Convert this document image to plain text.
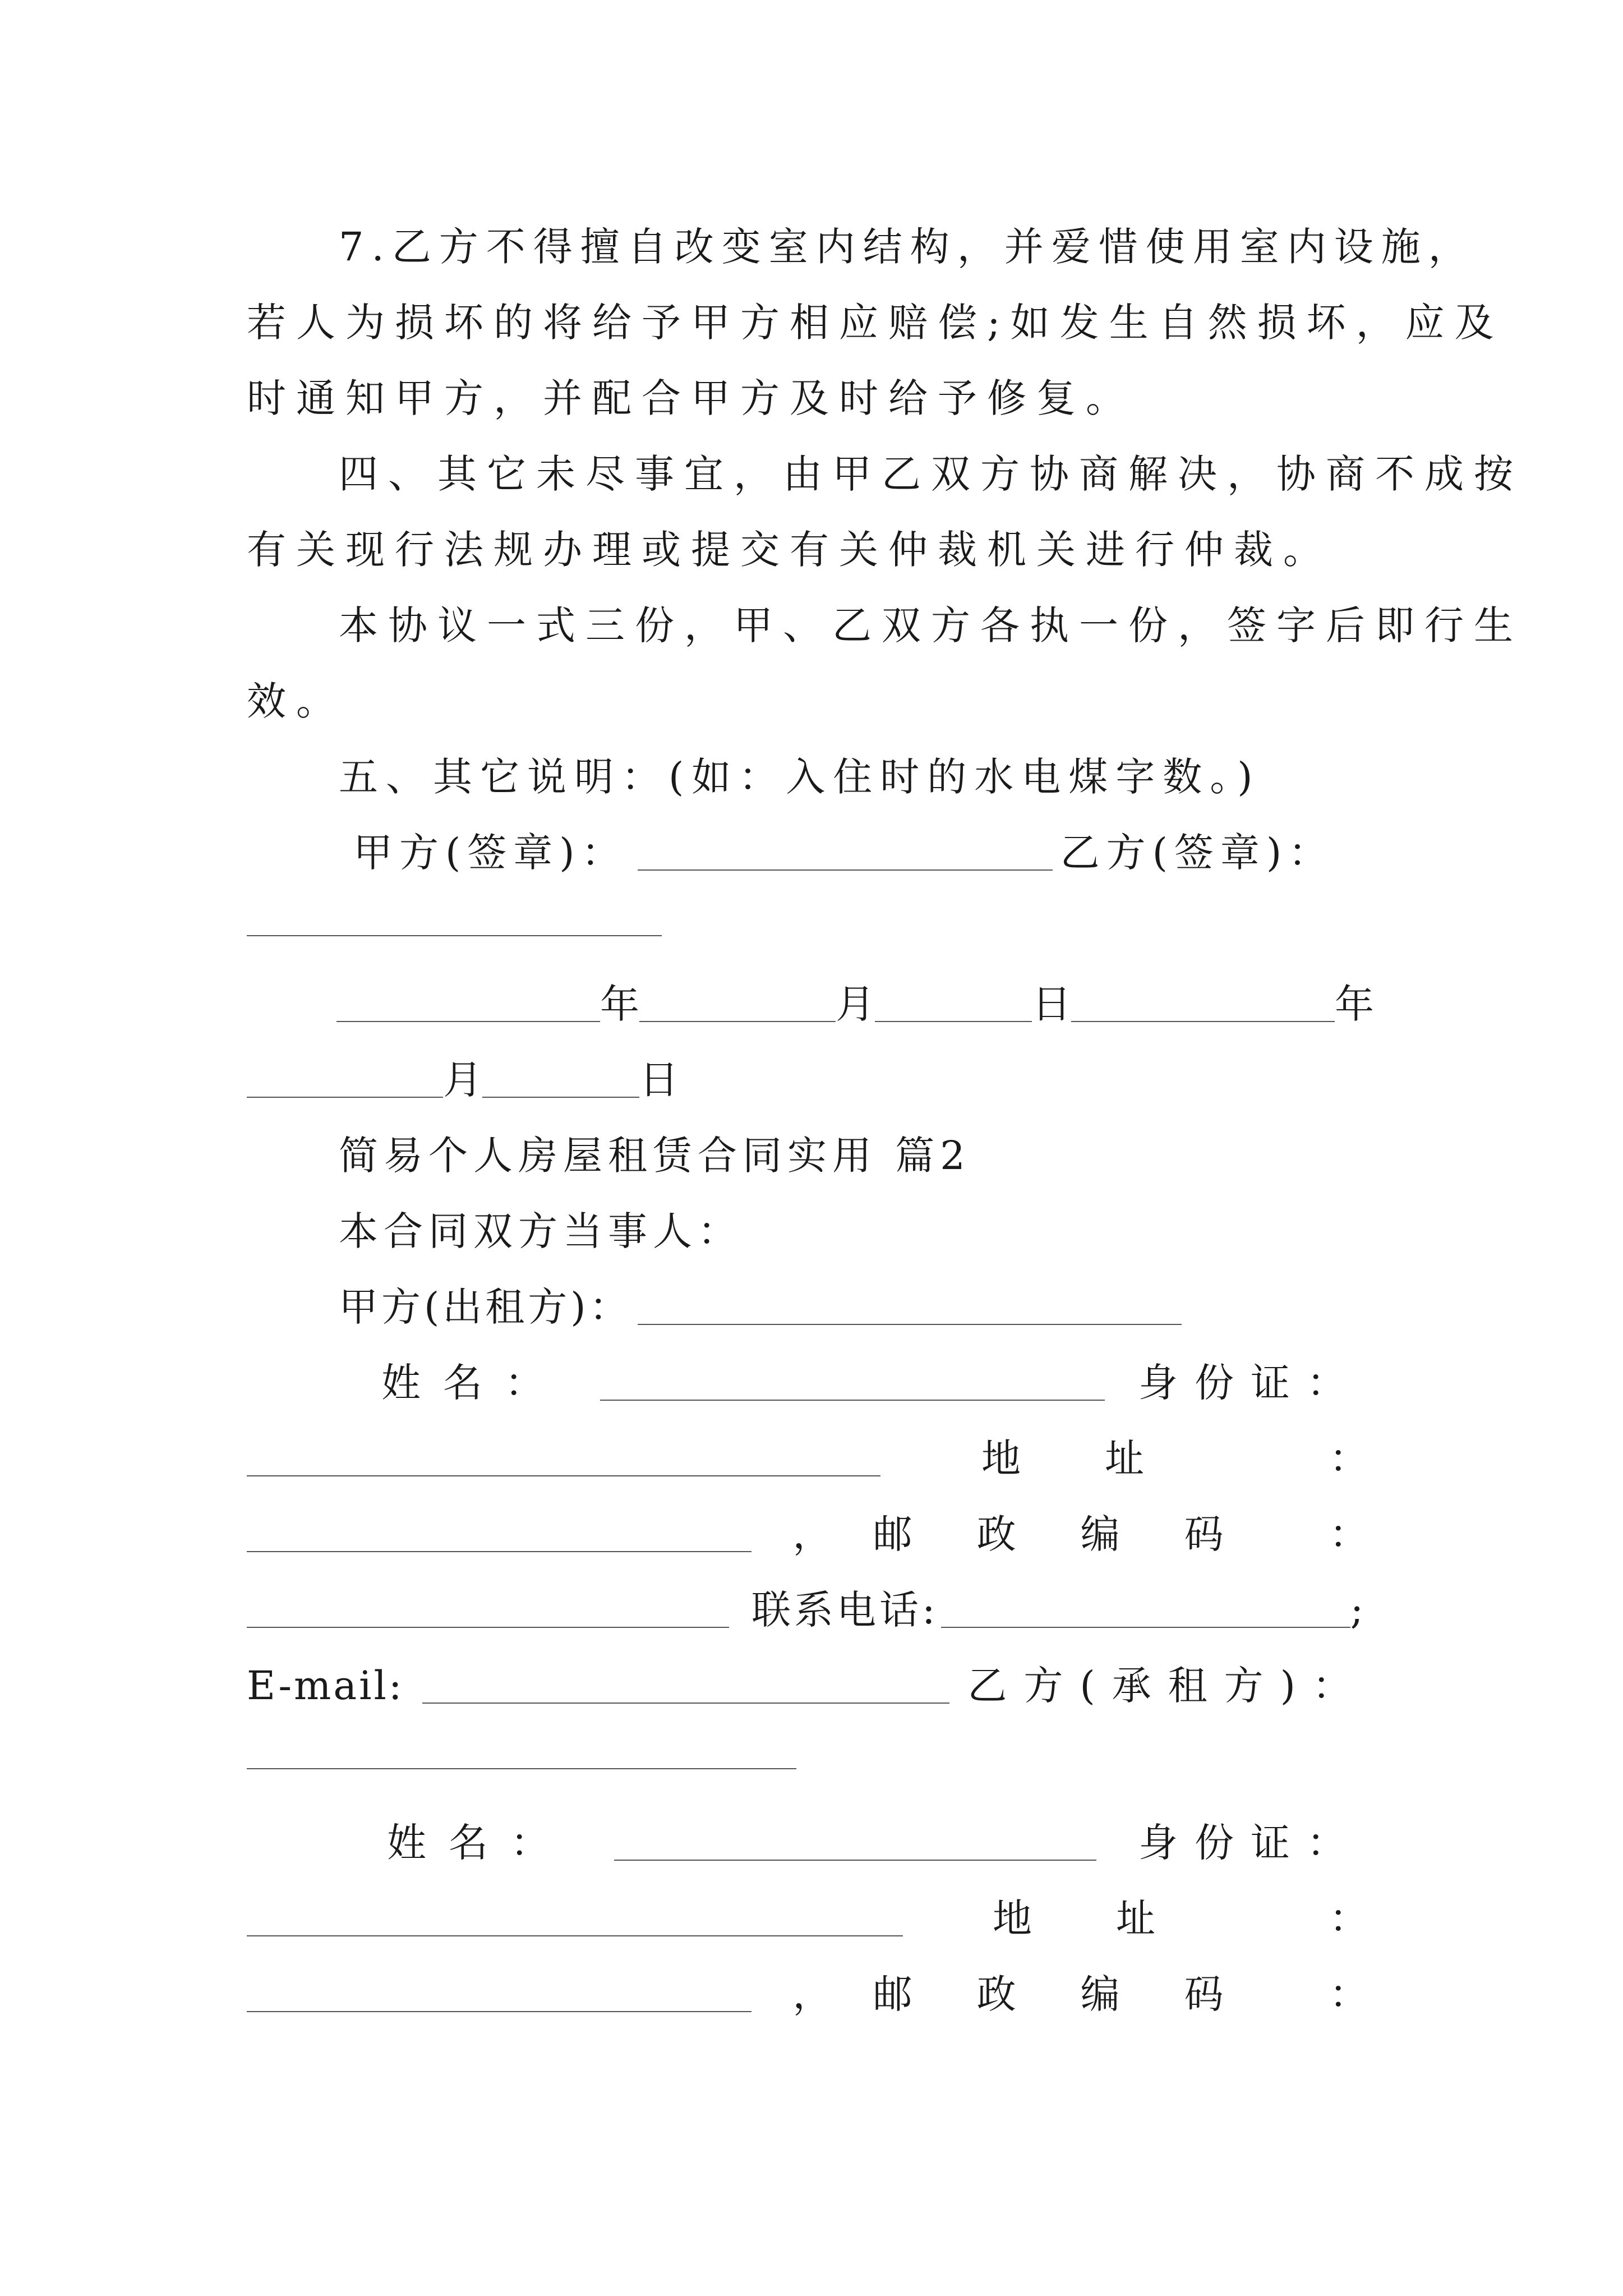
7.乙方不得擅自改变室内结构，并爱惜使用室内设施，
若人为损坏的将给予甲方相应赔偿;如发生自然损坏，应及
时通知甲方，并配合甲方及时给予修复。
四、其它未尽事宜，由甲乙双方协商解决，协商不成按
有关现行法规办理或提交有关仲裁机关进行仲裁。
本协议一式三份，甲、乙双方各执一份，签字后即行生
效。
五、其它说明：(如：入住时的水电煤字数。)
甲方(签章)：	乙方(签章)：
年	月	日	年
月	日
简易个人房屋租赁合同实用 篇2
本合同双方当事人：
甲方(出租方)：
姓名：	身份证：
地址	：
， 邮政编码 ：
联系电话:	;
E-mail:	乙方(承租方)：
姓名：	身份证：
地址 ：
， 邮政编码 ：
